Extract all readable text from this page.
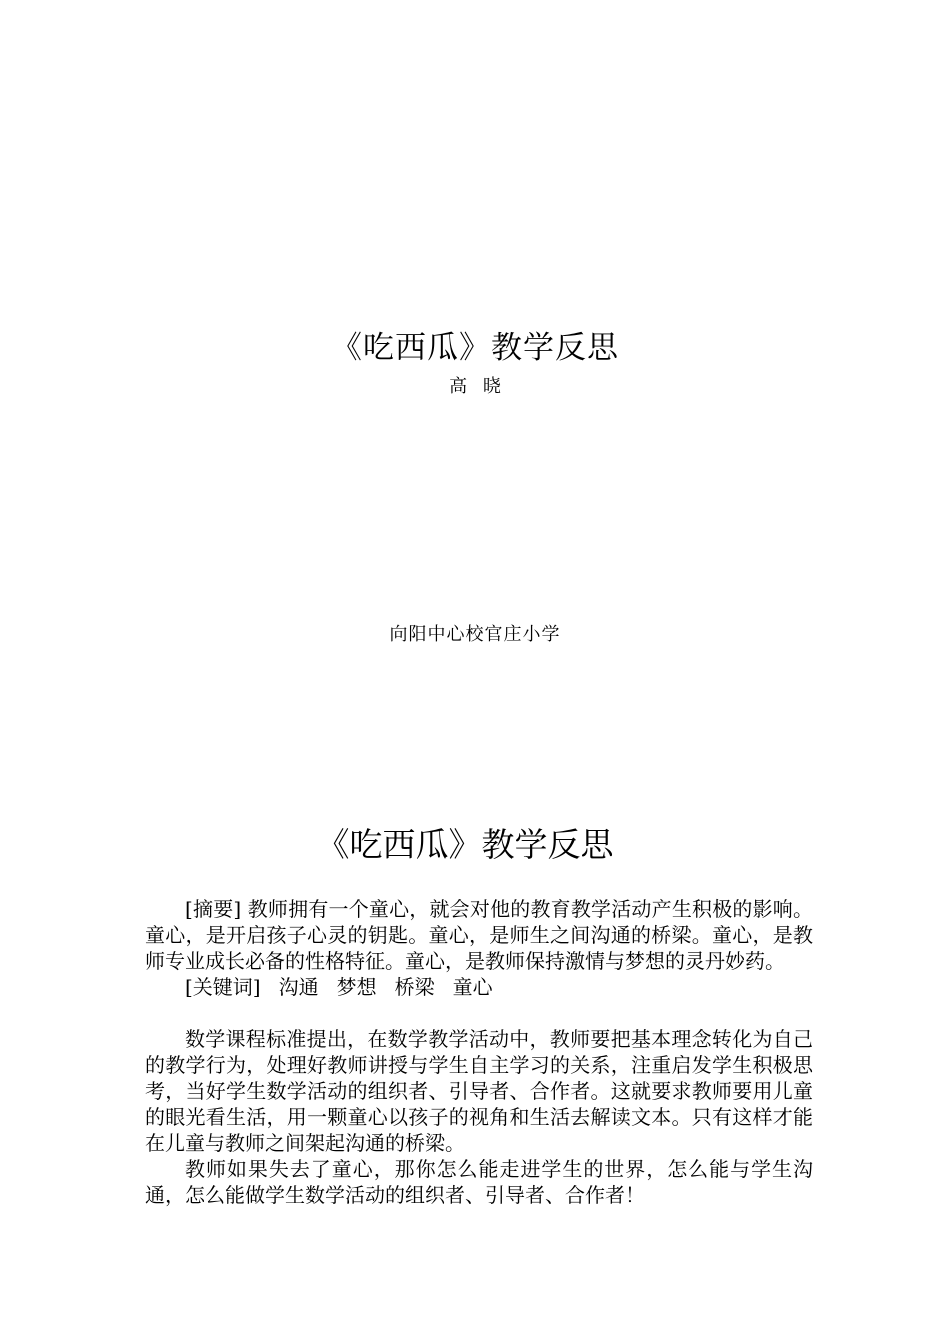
《吃西瓜》教学反思
高 晓
向阳中心校官庄小学
《吃西瓜》教学反思

[摘要] 教师拥有一个童心，就会对他的教育教学活动产生积极的影响。童心，是开启孩子心灵的钥匙。童心，是师生之间沟通的桥梁。童心，是教师专业成长必备的性格特征。童心，是教师保持激情与梦想的灵丹妙药。

[关键词] 沟通 梦想 桥梁 童心

数学课程标准提出，在数学教学活动中，教师要把基本理念转化为自己的教学行为，处理好教师讲授与学生自主学习的关系，注重启发学生积极思考，当好学生数学活动的组织者、引导者、合作者。这就要求教师要用儿童的眼光看生活，用一颗童心以孩子的视角和生活去解读文本。只有这样才能在儿童与教师之间架起沟通的桥梁。

教师如果失去了童心，那你怎么能走进学生的世界，怎么能与学生沟通，怎么能做学生数学活动的组织者、引导者、合作者！
